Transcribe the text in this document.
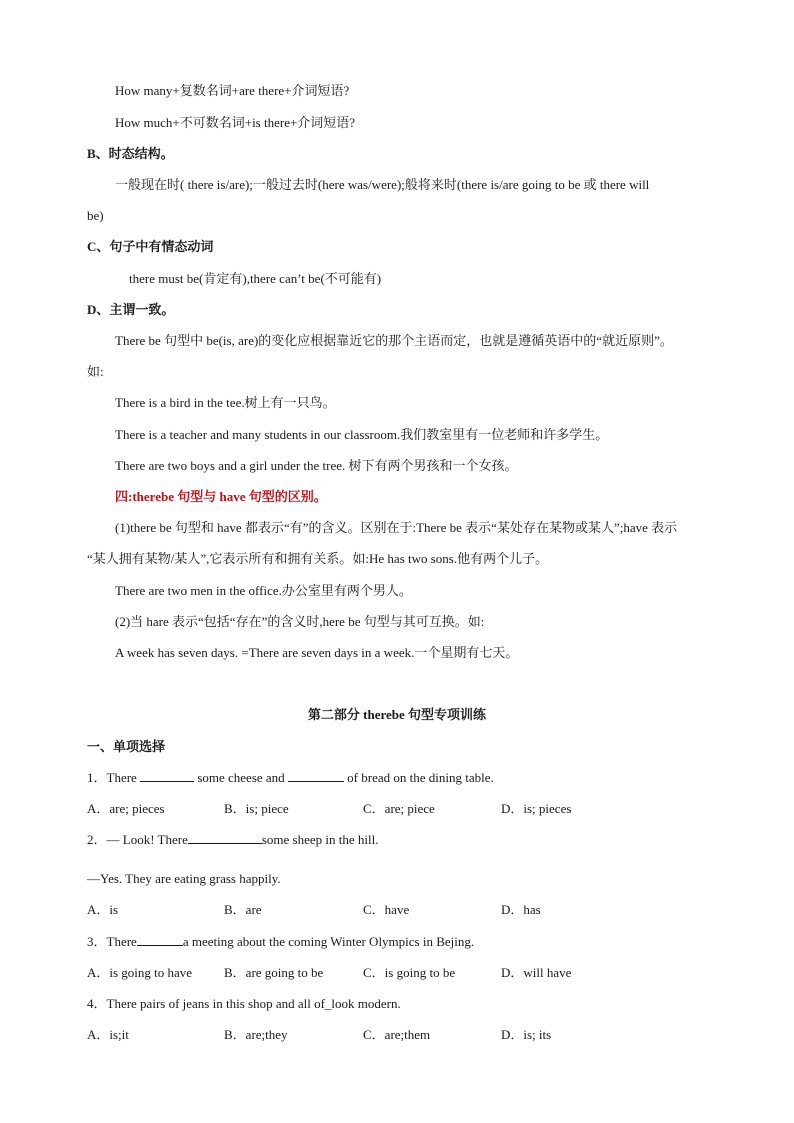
How many+复数名词+are there+介词短语?
How much+不可数名词+is there+介词短语?
B、时态结构。
一般现在时( there is/are);一般过去时(here was/were);般将来时(there is/are going to be 或 there will
be)
C、句子中有情态动词
there must be(肯定有),there can’t be(不可能有)
D、主谓一致。
There be 句型中 be(is, are)的变化应根据靠近它的那个主语而定，也就是遵循英语中的“就近原则”。
如:
There is a bird in the tee.树上有一只鸟。
There is a teacher and many students in our classroom.我们教室里有一位老师和许多学生。
There are two boys and a girl under the tree. 树下有两个男孩和一个女孩。
四:therebe 句型与 have 句型的区别。
(1)there be 句型和 have 都表示“有”的含义。区别在于:There be 表示“某处存在某物或某人”;have 表示
“某人拥有某物/某人”,它表示所有和拥有关系。如:He has two sons.他有两个儿子。
There are two men in the office.办公室里有两个男人。
(2)当 hare 表示“包括“存在”的含义时,here be 句型与其可互换。如:
A week has seven days. =There are seven days in a week.一个星期有七天。
第二部分 therebe 句型专项训练
一、单项选择
1．There	some cheese and	of bread on the dining table.
A．are; pieces	B．is; piece	C．are; piece	D．is; pieces
2．— Look! There	some sheep in the hill.
—Yes. They are eating grass happily.
A．is	B．are	C．have	D．has
3．There	a meeting about the coming Winter Olympics in Bejing.
A．is going to have B．are going to be	C．is going to be	D．will have
4．There pairs of jeans in this shop and all of_look modern.
A．is;it	B．are;they	C．are;them	D．is; its
